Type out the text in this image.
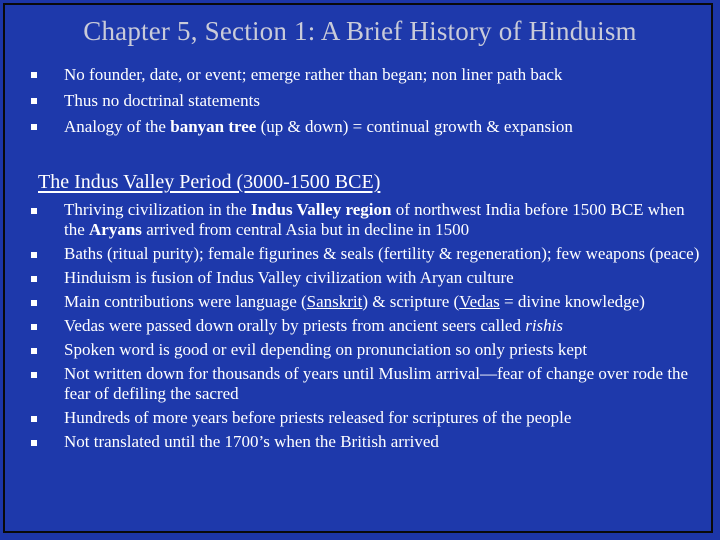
Chapter 5, Section 1: A Brief History of Hinduism
No founder, date, or event; emerge rather than began; non liner path back
Thus no doctrinal statements
Analogy of the banyan tree (up & down) = continual growth & expansion
The Indus Valley Period (3000-1500 BCE)
Thriving civilization in the Indus Valley region of northwest India before 1500 BCE when the Aryans arrived from central Asia but in decline in 1500
Baths (ritual purity); female figurines & seals (fertility & regeneration); few weapons (peace)
Hinduism is fusion of Indus Valley civilization with Aryan culture
Main contributions were language (Sanskrit) & scripture (Vedas = divine knowledge)
Vedas were passed down orally by priests from ancient seers called rishis
Spoken word is good or evil depending on pronunciation so only priests kept
Not written down for thousands of years until Muslim arrival—fear of change over rode the fear of defiling the sacred
Hundreds of more years before priests released for scriptures of the people
Not translated until the 1700’s when the British arrived
